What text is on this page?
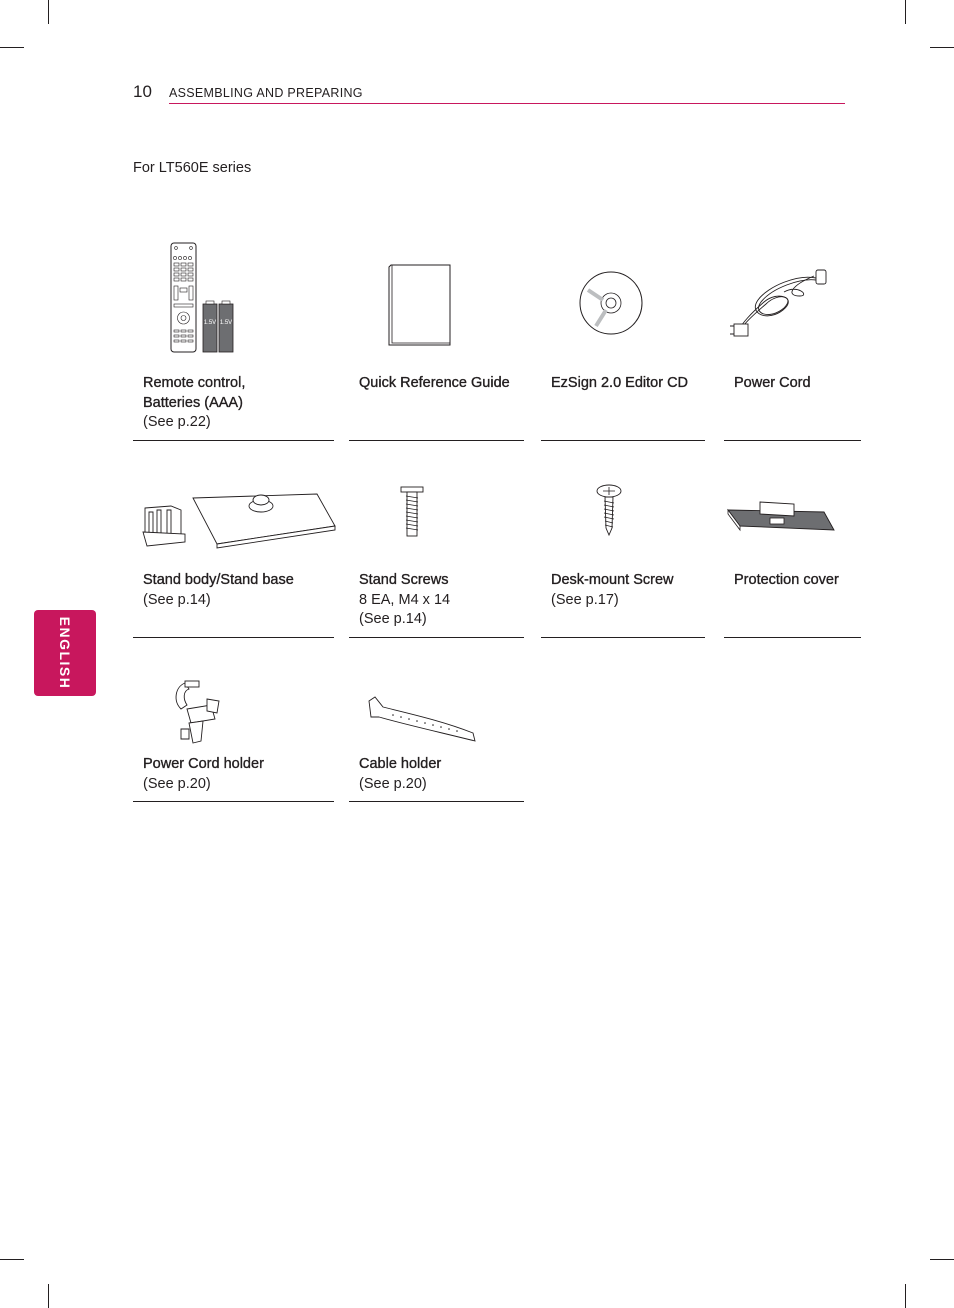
10 ASSEMBLING AND PREPARING
For LT560E series
ENGLISH
1.5V 1.5V
Remote control,
Batteries (AAA)
(See p.22)
Quick Reference Guide	EzSign 2.0 Editor CD	Power Cord
Stand body/Stand base
(See p.14)
Stand Screws
8 EA, M4 x 14
(See p.14)
Desk-mount Screw
(See p.17)
Protection cover
Power Cord holder
(See p.20)
Cable holder
(See p.20)
